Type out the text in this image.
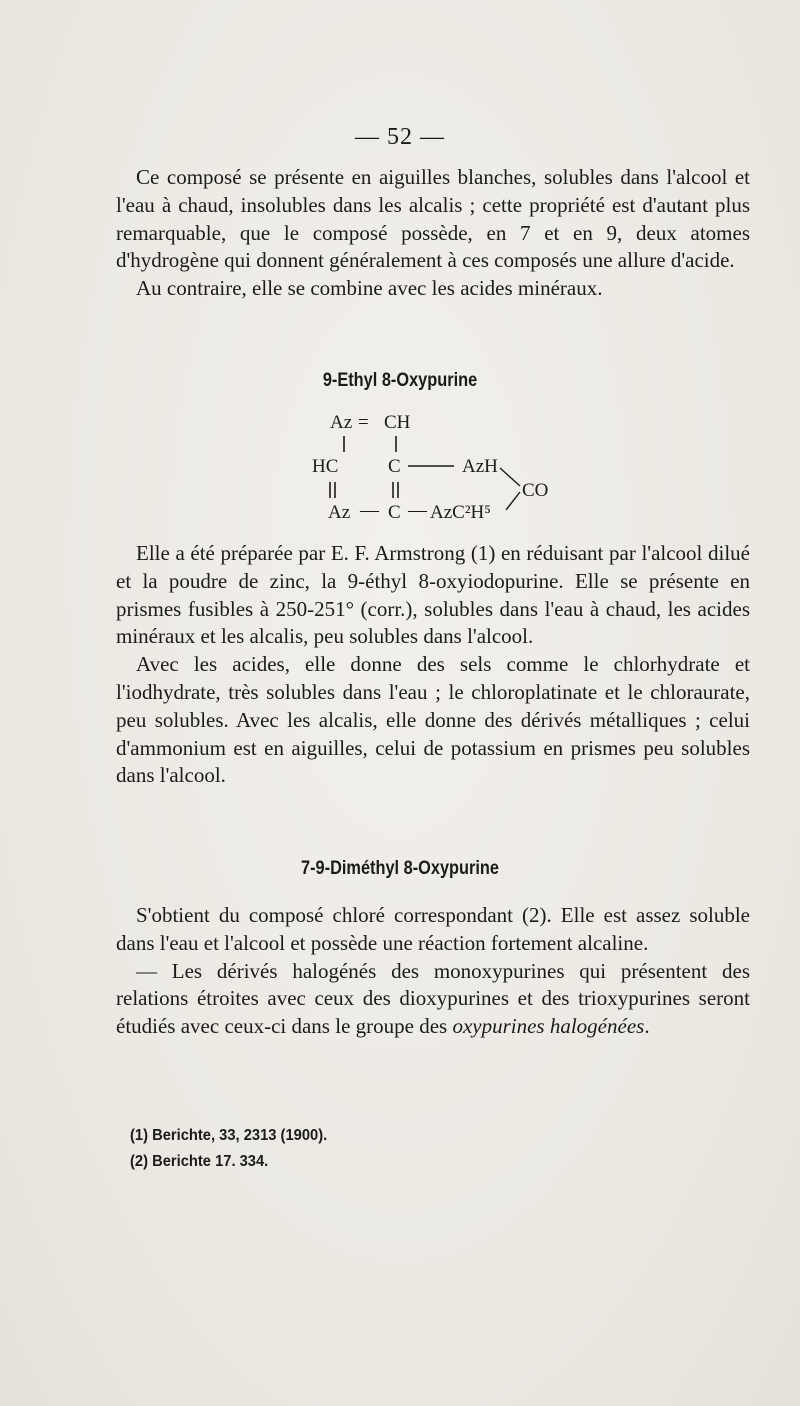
— 52 —

Ce composé se présente en aiguilles blanches, solubles dans l'alcool et l'eau à chaud, insolubles dans les alcalis ; cette propriété est d'autant plus remarquable, que le composé possède, en 7 et en 9, deux atomes d'hydrogène qui donnent généralement à ces composés une allure d'acide.

Au contraire, elle se combine avec les acides minéraux.

9-Ethyl 8-Oxypurine
Az = CH
HC	C	AzH
CO
Az — C — AzC²H⁵

Elle a été préparée par E. F. Armstrong (1) en réduisant par l'alcool dilué et la poudre de zinc, la 9-éthyl 8-oxyiodopurine. Elle se présente en prismes fusibles à 250-251° (corr.), solubles dans l'eau à chaud, les acides minéraux et les alcalis, peu solubles dans l'alcool.

Avec les acides, elle donne des sels comme le chlorhydrate et l'iodhydrate, très solubles dans l'eau ; le chloroplatinate et le chloraurate, peu solubles. Avec les alcalis, elle donne des dérivés métalliques ; celui d'ammonium est en aiguilles, celui de potassium en prismes peu solubles dans l'alcool.

7-9-Diméthyl 8-Oxypurine

S'obtient du composé chloré correspondant (2). Elle est assez soluble dans l'eau et l'alcool et possède une réaction fortement alcaline.

— Les dérivés halogénés des monoxypurines qui présentent des relations étroites avec ceux des dioxypurines et des trioxypurines seront étudiés avec ceux-ci dans le groupe des oxypurines halogénées.

(1) Berichte, 33, 2313 (1900).
(2) Berichte 17. 334.
